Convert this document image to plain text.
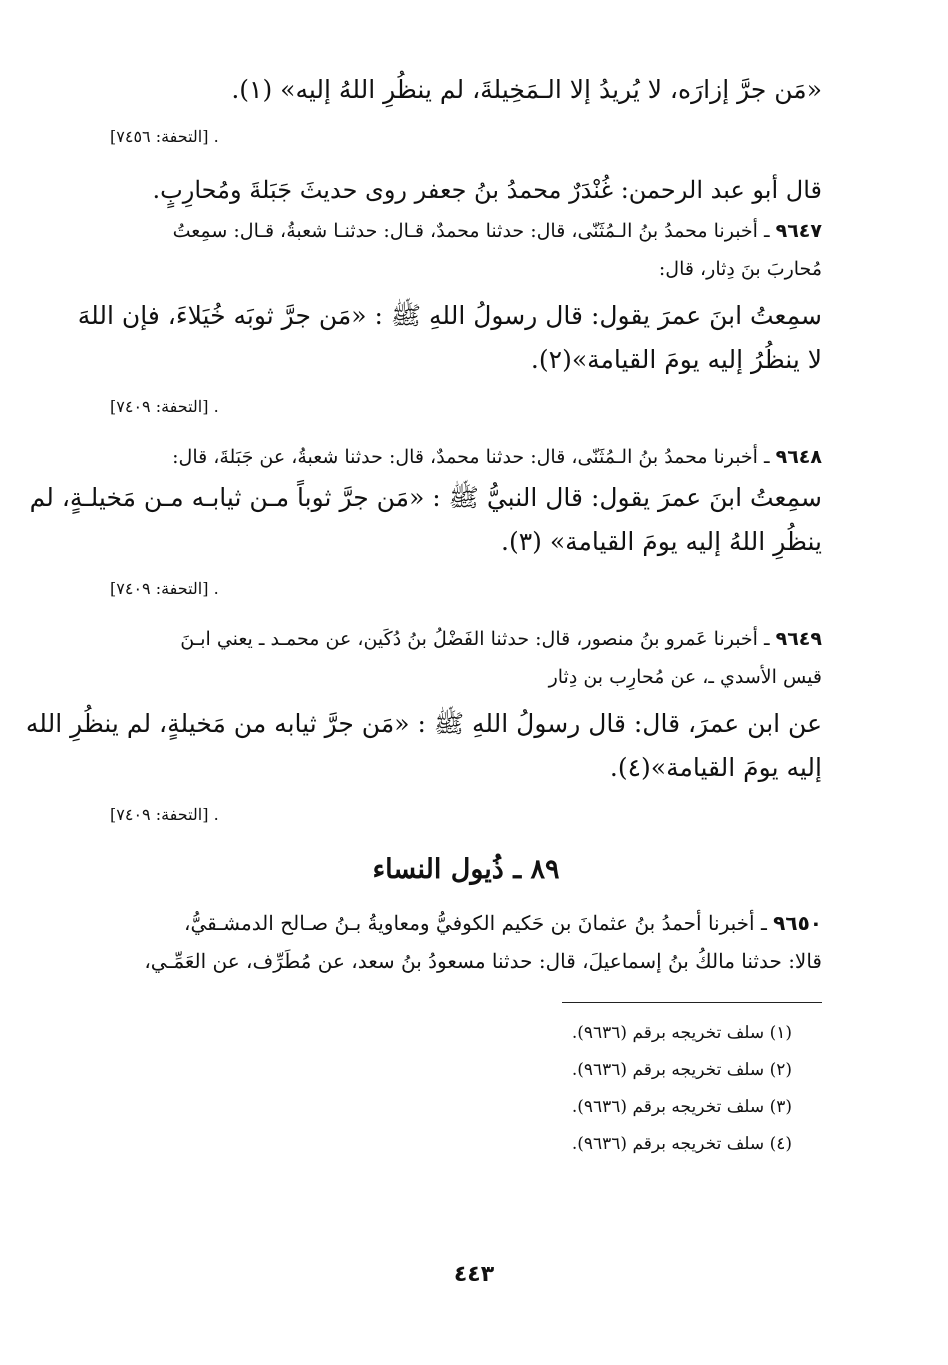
«مَن جرَّ إزارَه، لا يُريدُ إلا الـمَخِيلةَ، لم ينظُرِ اللهُ إليه» (١).
[التحفة: ٧٤٥٦] .
قال أبو عبد الرحمن: غُنْدَرٌ محمدُ بنُ جعفر روى حديثَ جَبَلةَ ومُحارِبٍ.
٩٦٤٧ ـ أخبرنا محمدُ بنُ الـمُثَنّى، قال: حدثنا محمدٌ، قـال: حدثنـا شعبةُ، قـال: سمِعتُ
مُحاربَ بنَ دِثار، قال:
سمِعتُ ابنَ عمرَ يقول: قال رسولُ اللهِ ﷺ : «مَن جرَّ ثوبَه خُيَلاءَ، فإن اللهَ
لا ينظُرُ إليه يومَ القيامة»(٢).
[التحفة: ٧٤٠٩] .
٩٦٤٨ ـ أخبرنا محمدُ بنُ الـمُثَنّى، قال: حدثنا محمدٌ، قال: حدثنا شعبةُ، عن جَبَلةَ، قال:
سمِعتُ ابنَ عمرَ يقول: قال النبيُّ ﷺ : «مَن جرَّ ثوباً مـن ثيابـه مـن مَخيلـةٍ، لم
ينظُرِ اللهُ إليه يومَ القيامة» (٣).
[التحفة: ٧٤٠٩] .
٩٦٤٩ ـ أخبرنا عَمرو بنُ منصور، قال: حدثنا الفَضْلُ بنُ دُكَين، عن محمـد ـ يعني ابـنَ
قيس الأسدي ـ، عن مُحارِب بن دِثار
عن ابن عمرَ، قال: قال رسولُ اللهِ ﷺ : «مَن جرَّ ثيابه من مَخيلةٍ، لم ينظُرِ الله
إليه يومَ القيامة»(٤).
[التحفة: ٧٤٠٩] .
٨٩ ـ ذُيول النساء
٩٦٥٠ ـ أخبرنا أحمدُ بنُ عثمانَ بن حَكيم الكوفيُّ ومعاويةُ بـنُ صـالح الدمشـقيُّ،
قالا: حدثنا مالكُ بنُ إسماعيلَ، قال: حدثنا مسعودُ بنُ سعد، عن مُطَرِّف، عن العَمِّـي،
(١) سلف تخريجه برقم (٩٦٣٦).
(٢) سلف تخريجه برقم (٩٦٣٦).
(٣) سلف تخريجه برقم (٩٦٣٦).
(٤) سلف تخريجه برقم (٩٦٣٦).
٤٤٣
